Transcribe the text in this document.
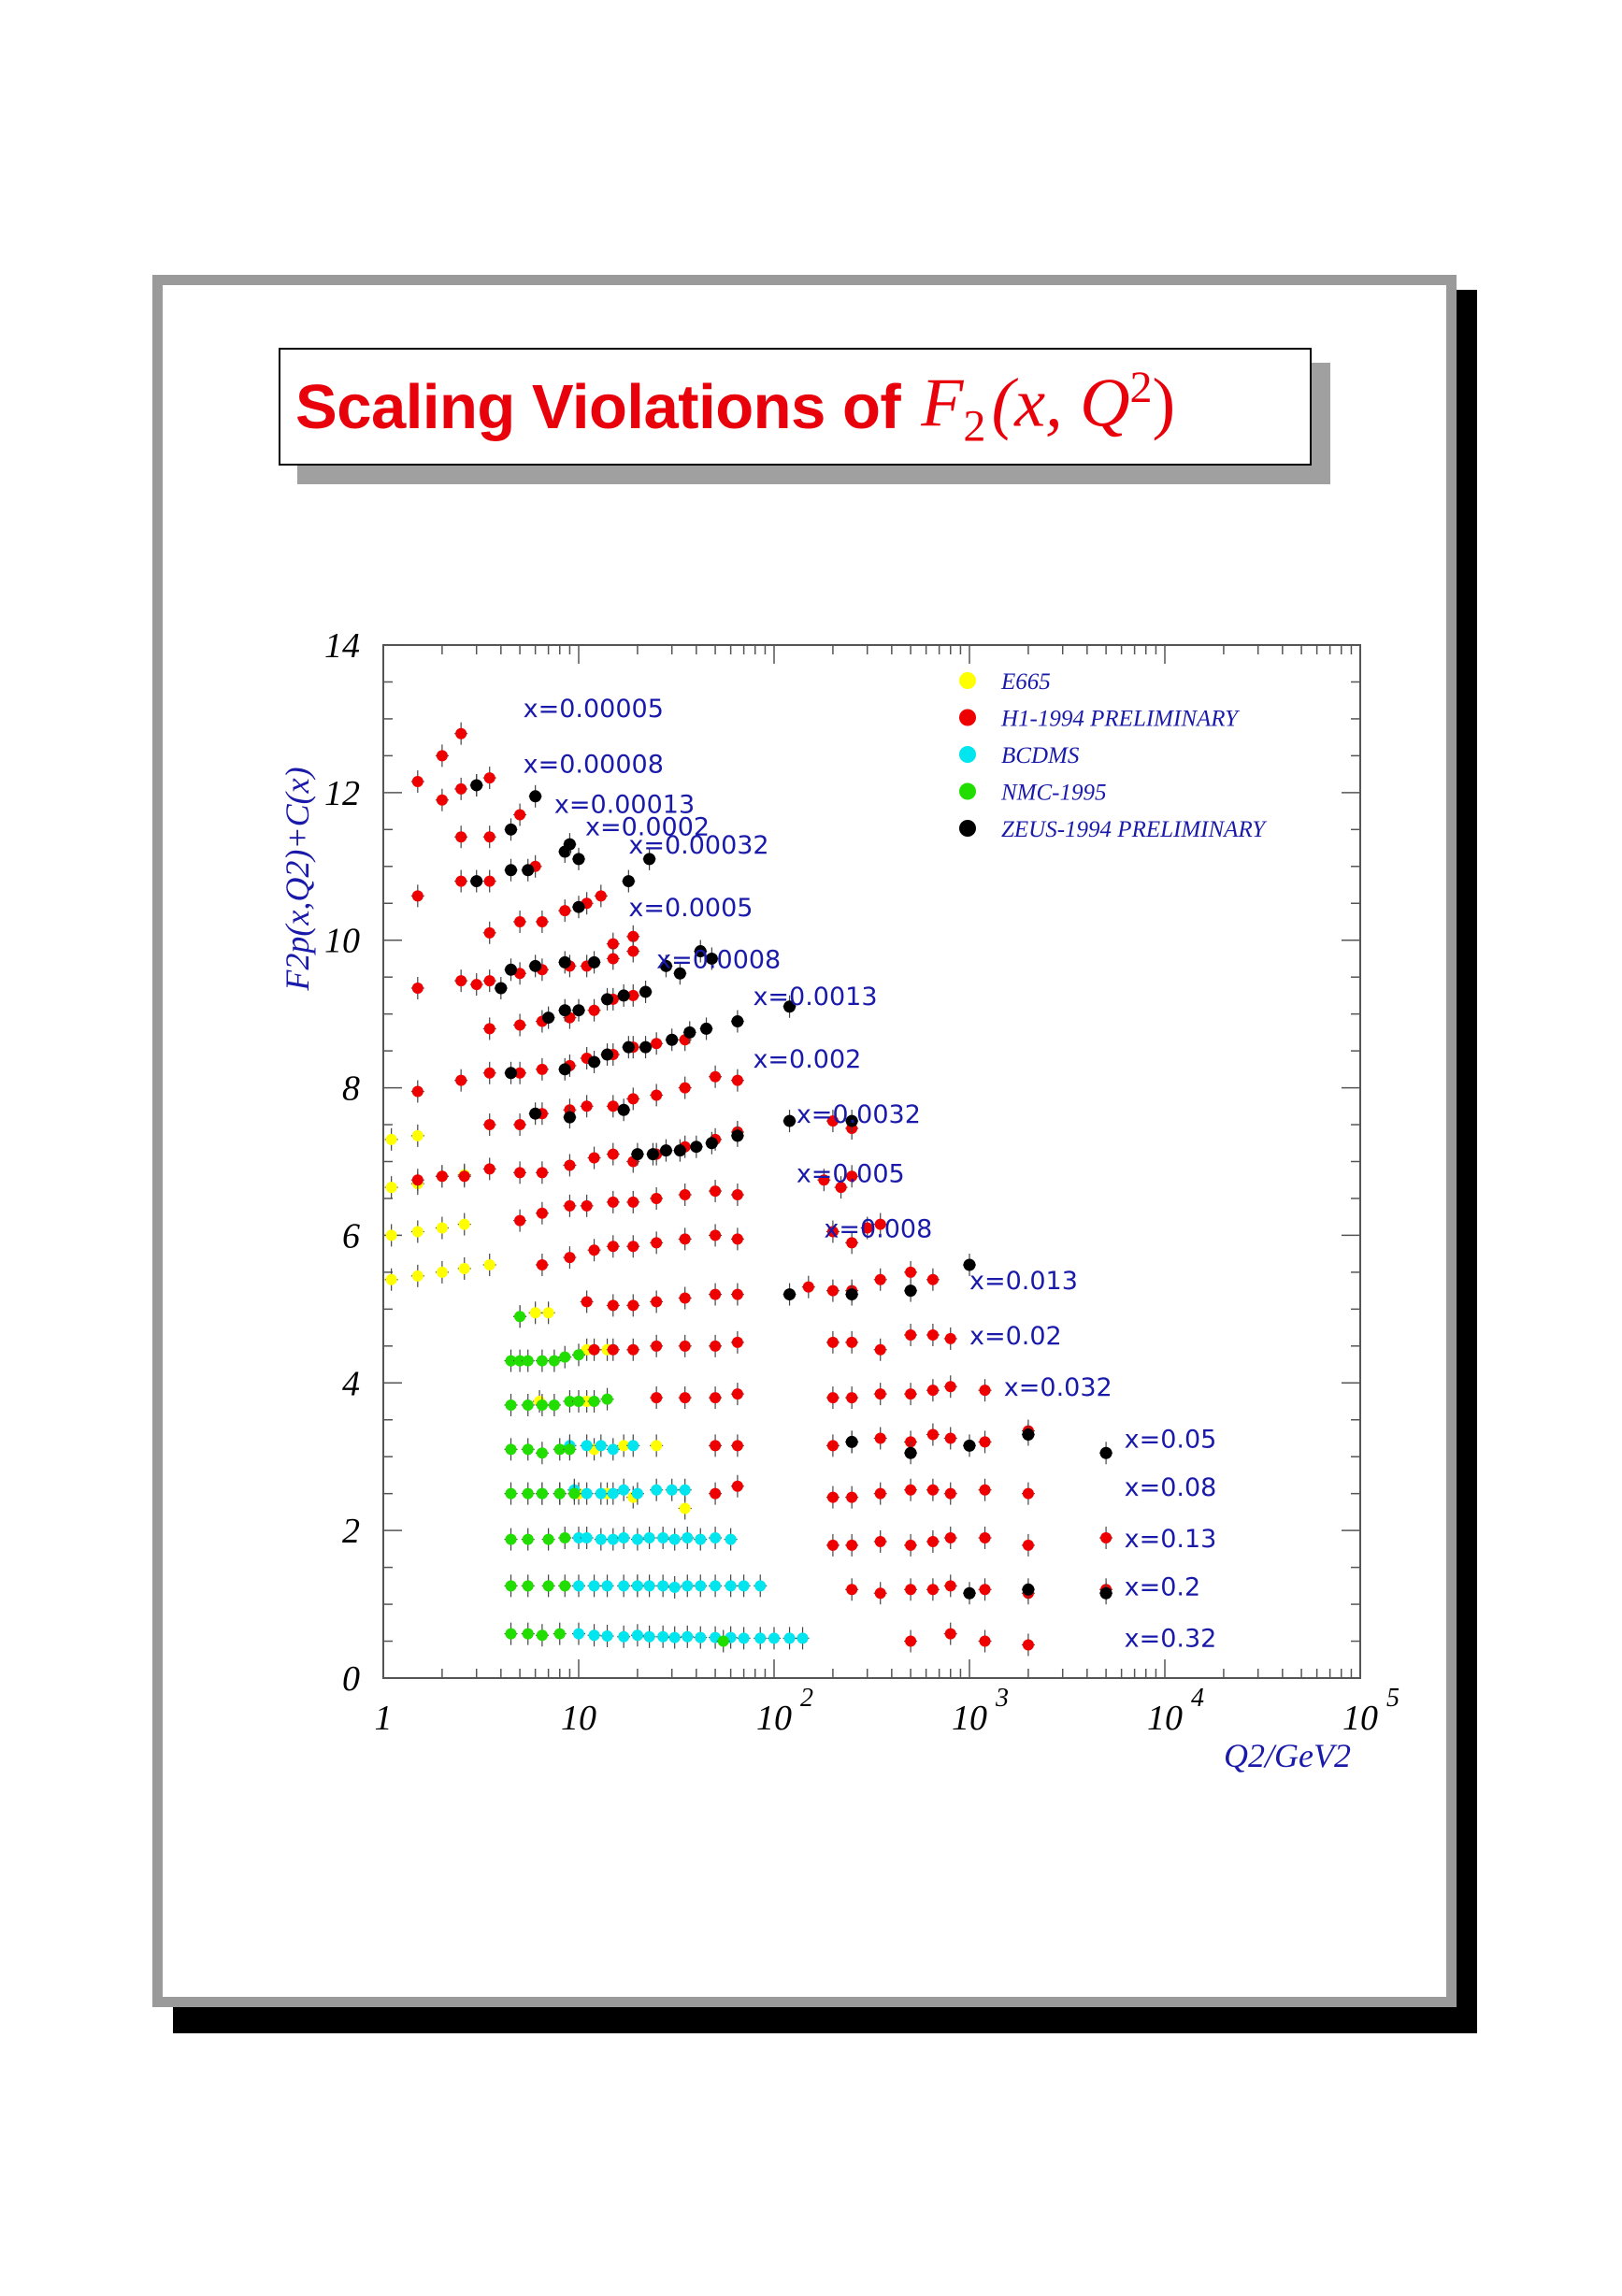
Scaling Violations of $F_2$ (x, $Q^2$)
0
2
4
6
8
10
12
14
1	10	10
2
10
3
10
4
10
5
x=0.00005
x=0.00008
x=0.00013
x=0.0002
x=0.00032
x=0.0005
x=0.0008
x=0.0013
x=0.002
x=0.0032
x=0.005
x=0.008
x=0.013
x=0.02
x=0.032
x=0.05
x=0.08
x=0.13
x=0.2
x=0.32
E665
H1-1994 PRELIMINARY
BCDMS
NMC-1995
ZEUS-1994 PRELIMINARY
F2p(x,Q2)+C(x)
Q2/GeV2
